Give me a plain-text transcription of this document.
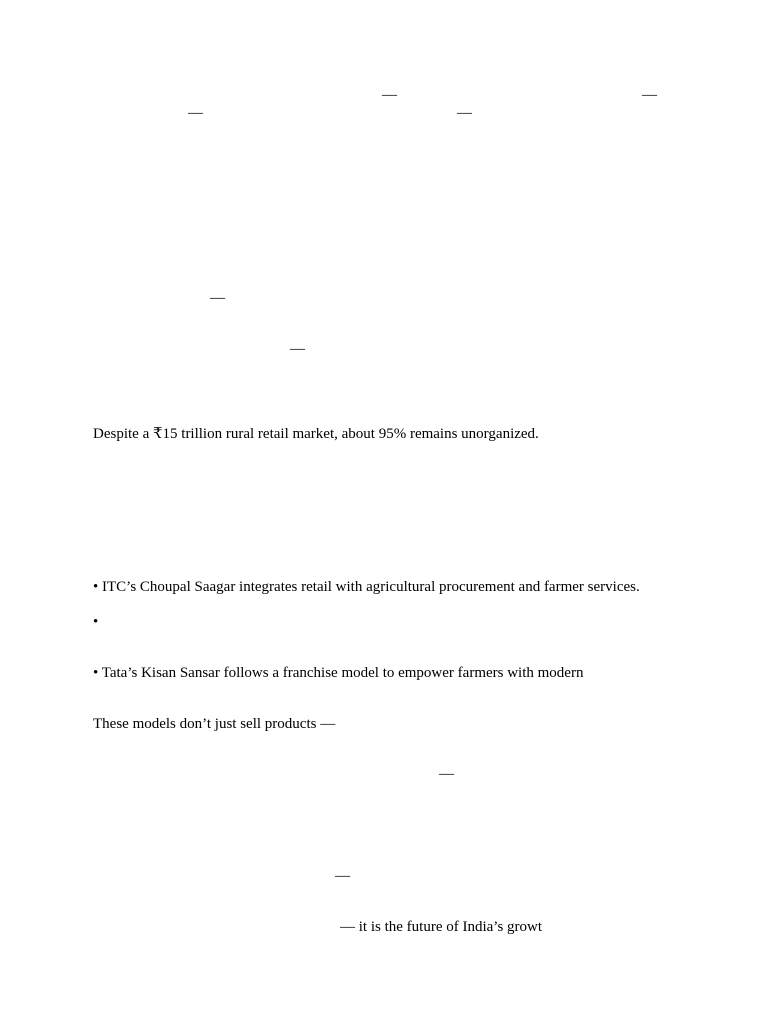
—	—
—	—
—
—
Despite a ₹15 trillion rural retail market, about 95% remains unorganized.
• ITC’s Choupal Saagar integrates retail with agricultural procurement and farmer services.
•
• Tata’s Kisan Sansar follows a franchise model to empower farmers with modern
These models don’t just sell products —
—
—
— it is the future of India’s growt
